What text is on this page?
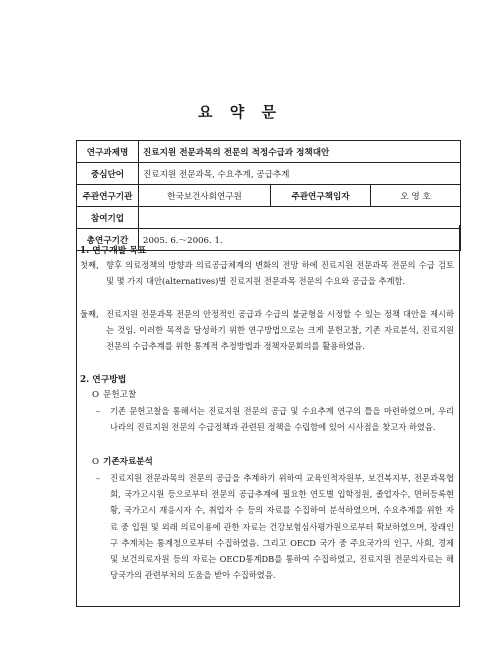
요 약 문
연구과제명	진료지원 전문과목의 전문의 적정수급과 정책대안		
중심단어	진료지원 전문과목, 수요추계, 공급추계		
주관연구기관	한국보건사회연구원	주관연구책임자	오 영 호
참여기업			
총연구기간	2005. 6.～2006. 1.		
1. 연구개발 목표
첫째, 향후 의료정책의 방향과 의료공급체계의 변화의 전망 하에 진료지원 전문과목 전문의 수급 검토 및 몇 가지 대안(alternatives)별 진료지원 전문과목 전문의 수요와 공급을 추계함.
둘째, 진료지원 전문과목 전문의 안정적인 공급과 수급의 불균형을 시정할 수 있는 정책 대안을 제시하는 것임. 이러한 목적을 달성하기 위한 연구방법으로는 크게 문헌고찰, 기존 자료분석, 진료지원 전문의 수급추계를 위한 통계적 추정방법과 정책자문회의를 활용하였음.
2. 연구방법
O 문헌고찰
– 기존 문헌고찰을 통해서는 진료지원 전문의 공급 및 수요추계 연구의 틀을 마련하였으며, 우리나라의 진료지원 전문의 수급정책과 관련된 정책을 수립함에 있어 시사점을 찾고자 하였음.
O 기존자료분석
– 진료지원 전문과목의 전문의 공급을 추계하기 위하여 교육인적자원부, 보건복지부, 전문과목협회, 국가고시원 등으로부터 전문의 공급추계에 필요한 연도별 입학정원, 졸업자수, 면허등록현황, 국가고시 재응시자 수, 취업자 수 등의 자료를 수집하여 분석하였으며, 수요추계를 위한 자료 중 입원 및 외래 의료이용에 관한 자료는 건강보험심사평가원으로부터 확보하였으며, 장래인구 추계치는 통계청으로부터 수집하였음. 그리고 OECD 국가 중 주요국가의 인구, 사회, 경제 및 보건의료자원 등의 자료는 OECD통계DB를 통하여 수집하였고, 진료지원 전문의자료는 해당국가의 관련부처의 도움을 받아 수집하였음.
